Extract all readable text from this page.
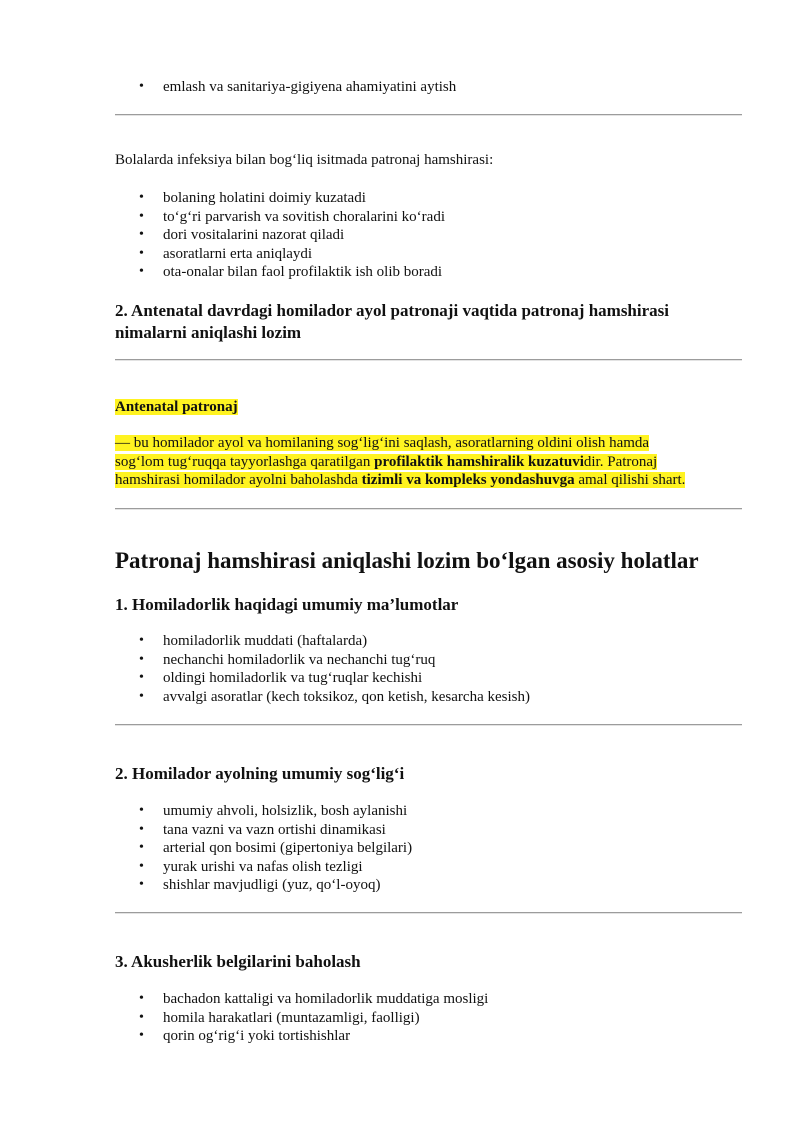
• emlash va sanitariya-gigiyena ahamiyatini aytish

Bolalarda infeksiya bilan bog‘liq isitmada patronaj hamshirasi:

• bolaning holatini doimiy kuzatadi
• to‘g‘ri parvarish va sovitish choralarini ko‘radi
• dori vositalarini nazorat qiladi
• asoratlarni erta aniqlaydi
• ota-onalar bilan faol profilaktik ish olib boradi
2. Antenatal davrdagi homilador ayol patronaji vaqtida patronaj hamshirasi
nimalarni aniqlashi lozim

Antenatal patronaj

— bu homilador ayol va homilaning sog‘lig‘ini saqlash, asoratlarning oldini olish hamda
sog‘lom tug‘ruqqa tayyorlashga qaratilgan profilaktik hamshiralik kuzatuvidir. Patronaj
hamshirasi homilador ayolni baholashda tizimli va kompleks yondashuvga amal qilishi shart.

Patronaj hamshirasi aniqlashi lozim bo‘lgan asosiy holatlar
1. Homiladorlik haqidagi umumiy ma’lumotlar
• homiladorlik muddati (haftalarda)
• nechanchi homiladorlik va nechanchi tug‘ruq
• oldingi homiladorlik va tug‘ruqlar kechishi
• avvalgi asoratlar (kech toksikoz, qon ketish, kesarcha kesish)
2. Homilador ayolning umumiy sog‘lig‘i
• umumiy ahvoli, holsizlik, bosh aylanishi
• tana vazni va vazn ortishi dinamikasi
• arterial qon bosimi (gipertoniya belgilari)
• yurak urishi va nafas olish tezligi
• shishlar mavjudligi (yuz, qo‘l-oyoq)
3. Akusherlik belgilarini baholash
• bachadon kattaligi va homiladorlik muddatiga mosligi
• homila harakatlari (muntazamligi, faolligi)
• qorin og‘rig‘i yoki tortishishlar
